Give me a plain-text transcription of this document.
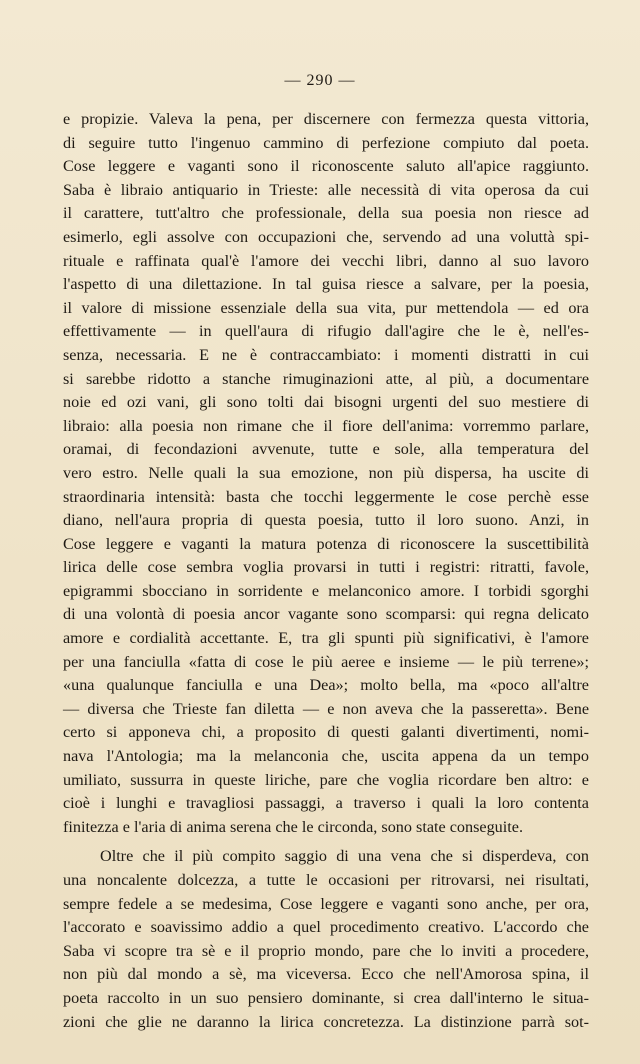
— 290 —
e propizie. Valeva la pena, per discernere con fermezza questa vittoria,
di seguire tutto l'ingenuo cammino di perfezione compiuto dal poeta.
Cose leggere e vaganti sono il riconoscente saluto all'apice raggiunto.
Saba è libraio antiquario in Trieste: alle necessità di vita operosa da cui
il carattere, tutt'altro che professionale, della sua poesia non riesce ad
esimerlo, egli assolve con occupazioni che, servendo ad una voluttà spi-
rituale e raffinata qual'è l'amore dei vecchi libri, danno al suo lavoro
l'aspetto di una dilettazione. In tal guisa riesce a salvare, per la poesia,
il valore di missione essenziale della sua vita, pur mettendola — ed ora
effettivamente — in quell'aura di rifugio dall'agire che le è, nell'es-
senza, necessaria. E ne è contraccambiato: i momenti distratti in cui
si sarebbe ridotto a stanche rimuginazioni atte, al più, a documentare
noie ed ozi vani, gli sono tolti dai bisogni urgenti del suo mestiere di
libraio: alla poesia non rimane che il fiore dell'anima: vorremmo parlare,
oramai, di fecondazioni avvenute, tutte e sole, alla temperatura del
vero estro. Nelle quali la sua emozione, non più dispersa, ha uscite di
straordinaria intensità: basta che tocchi leggermente le cose perchè esse
diano, nell'aura propria di questa poesia, tutto il loro suono. Anzi, in
Cose leggere e vaganti la matura potenza di riconoscere la suscettibilità
lirica delle cose sembra voglia provarsi in tutti i registri: ritratti, favole,
epigrammi sbocciano in sorridente e melanconico amore. I torbidi sgorghi
di una volontà di poesia ancor vagante sono scomparsi: qui regna delicato
amore e cordialità accettante. E, tra gli spunti più significativi, è l'amore
per una fanciulla «fatta di cose le più aeree e insieme — le più terrene»;
«una qualunque fanciulla e una Dea»; molto bella, ma «poco all'altre
— diversa che Trieste fan diletta — e non aveva che la passeretta». Bene
certo si apponeva chi, a proposito di questi galanti divertimenti, nomi-
nava l'Antologia; ma la melanconia che, uscita appena da un tempo
umiliato, sussurra in queste liriche, pare che voglia ricordare ben altro: e
cioè i lunghi e travagliosi passaggi, a traverso i quali la loro contenta
finitezza e l'aria di anima serena che le circonda, sono state conseguite.
Oltre che il più compito saggio di una vena che si disperdeva, con
una noncalente dolcezza, a tutte le occasioni per ritrovarsi, nei risultati,
sempre fedele a se medesima, Cose leggere e vaganti sono anche, per ora,
l'accorato e soavissimo addio a quel procedimento creativo. L'accordo che
Saba vi scopre tra sè e il proprio mondo, pare che lo inviti a procedere,
non più dal mondo a sè, ma viceversa. Ecco che nell'Amorosa spina, il
poeta raccolto in un suo pensiero dominante, si crea dall'interno le situa-
zioni che glie ne daranno la lirica concretezza. La distinzione parrà sot-
